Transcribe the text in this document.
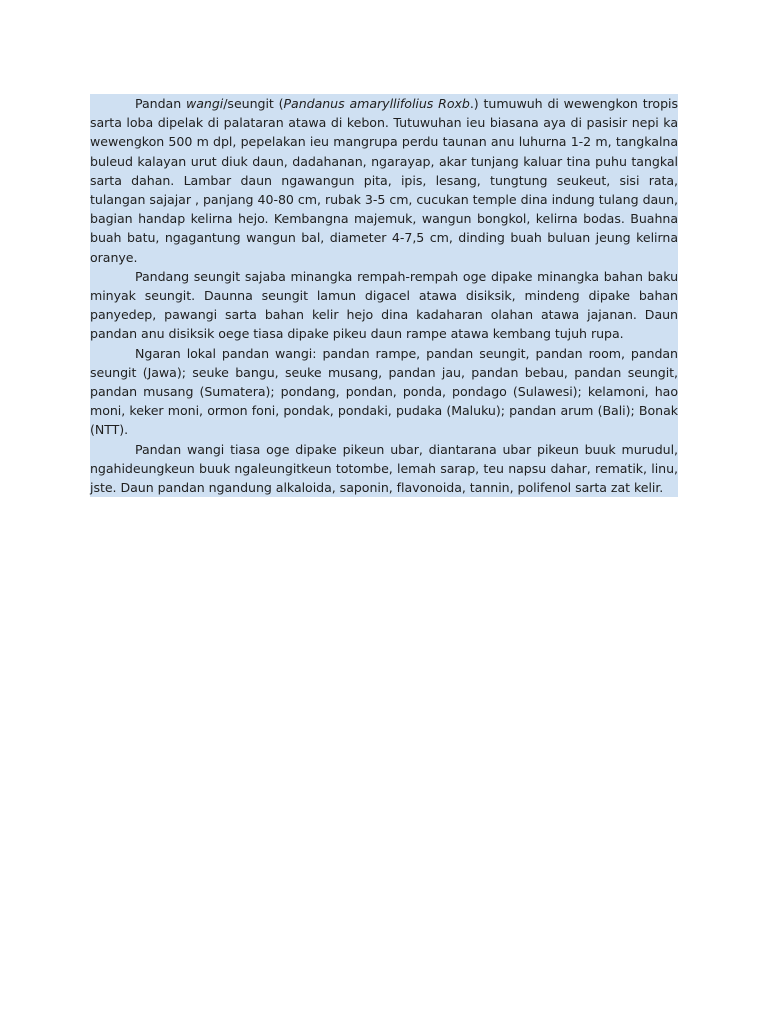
Pandan wangi/seungit (Pandanus amaryllifolius Roxb.) tumuwuh di wewengkon tropis sarta loba dipelak di palataran atawa di kebon. Tutuwuhan ieu biasana aya di pasisir nepi ka wewengkon 500 m dpl, pepelakan ieu mangrupa perdu taunan anu luhurna 1-2 m, tangkalna buleud kalayan urut diuk daun, dadahanan, ngarayap, akar tunjang kaluar tina puhu tangkal sarta dahan. Lambar daun ngawangun pita, ipis, lesang, tungtung seukeut, sisi rata, tulangan sajajar , panjang 40-80 cm, rubak 3-5 cm, cucukan temple dina indung tulang daun, bagian handap kelirna hejo. Kembangna majemuk, wangun bongkol, kelirna bodas. Buahna buah batu, ngagantung wangun bal, diameter 4-7,5 cm, dinding buah buluan jeung kelirna oranye.

Pandang seungit sajaba minangka rempah-rempah oge dipake minangka bahan baku minyak seungit. Daunna seungit lamun digacel atawa disiksik, mindeng dipake bahan panyedep, pawangi sarta bahan kelir hejo dina kadaharan olahan atawa jajanan. Daun pandan anu disiksik oege tiasa dipake pikeu daun rampe atawa kembang tujuh rupa.

Ngaran lokal pandan wangi: pandan rampe, pandan seungit, pandan room, pandan seungit (Jawa); seuke bangu, seuke musang, pandan jau, pandan bebau, pandan seungit, pandan musang (Sumatera); pondang, pondan, ponda, pondago (Sulawesi); kelamoni, hao moni, keker moni, ormon foni, pondak, pondaki, pudaka (Maluku); pandan arum (Bali); Bonak (NTT).

Pandan wangi tiasa oge dipake pikeun ubar, diantarana ubar pikeun buuk murudul, ngahideungkeun buuk ngaleungitkeun totombe, lemah sarap, teu napsu dahar, rematik, linu, jste. Daun pandan ngandung alkaloida, saponin, flavonoida, tannin, polifenol sarta zat kelir.
